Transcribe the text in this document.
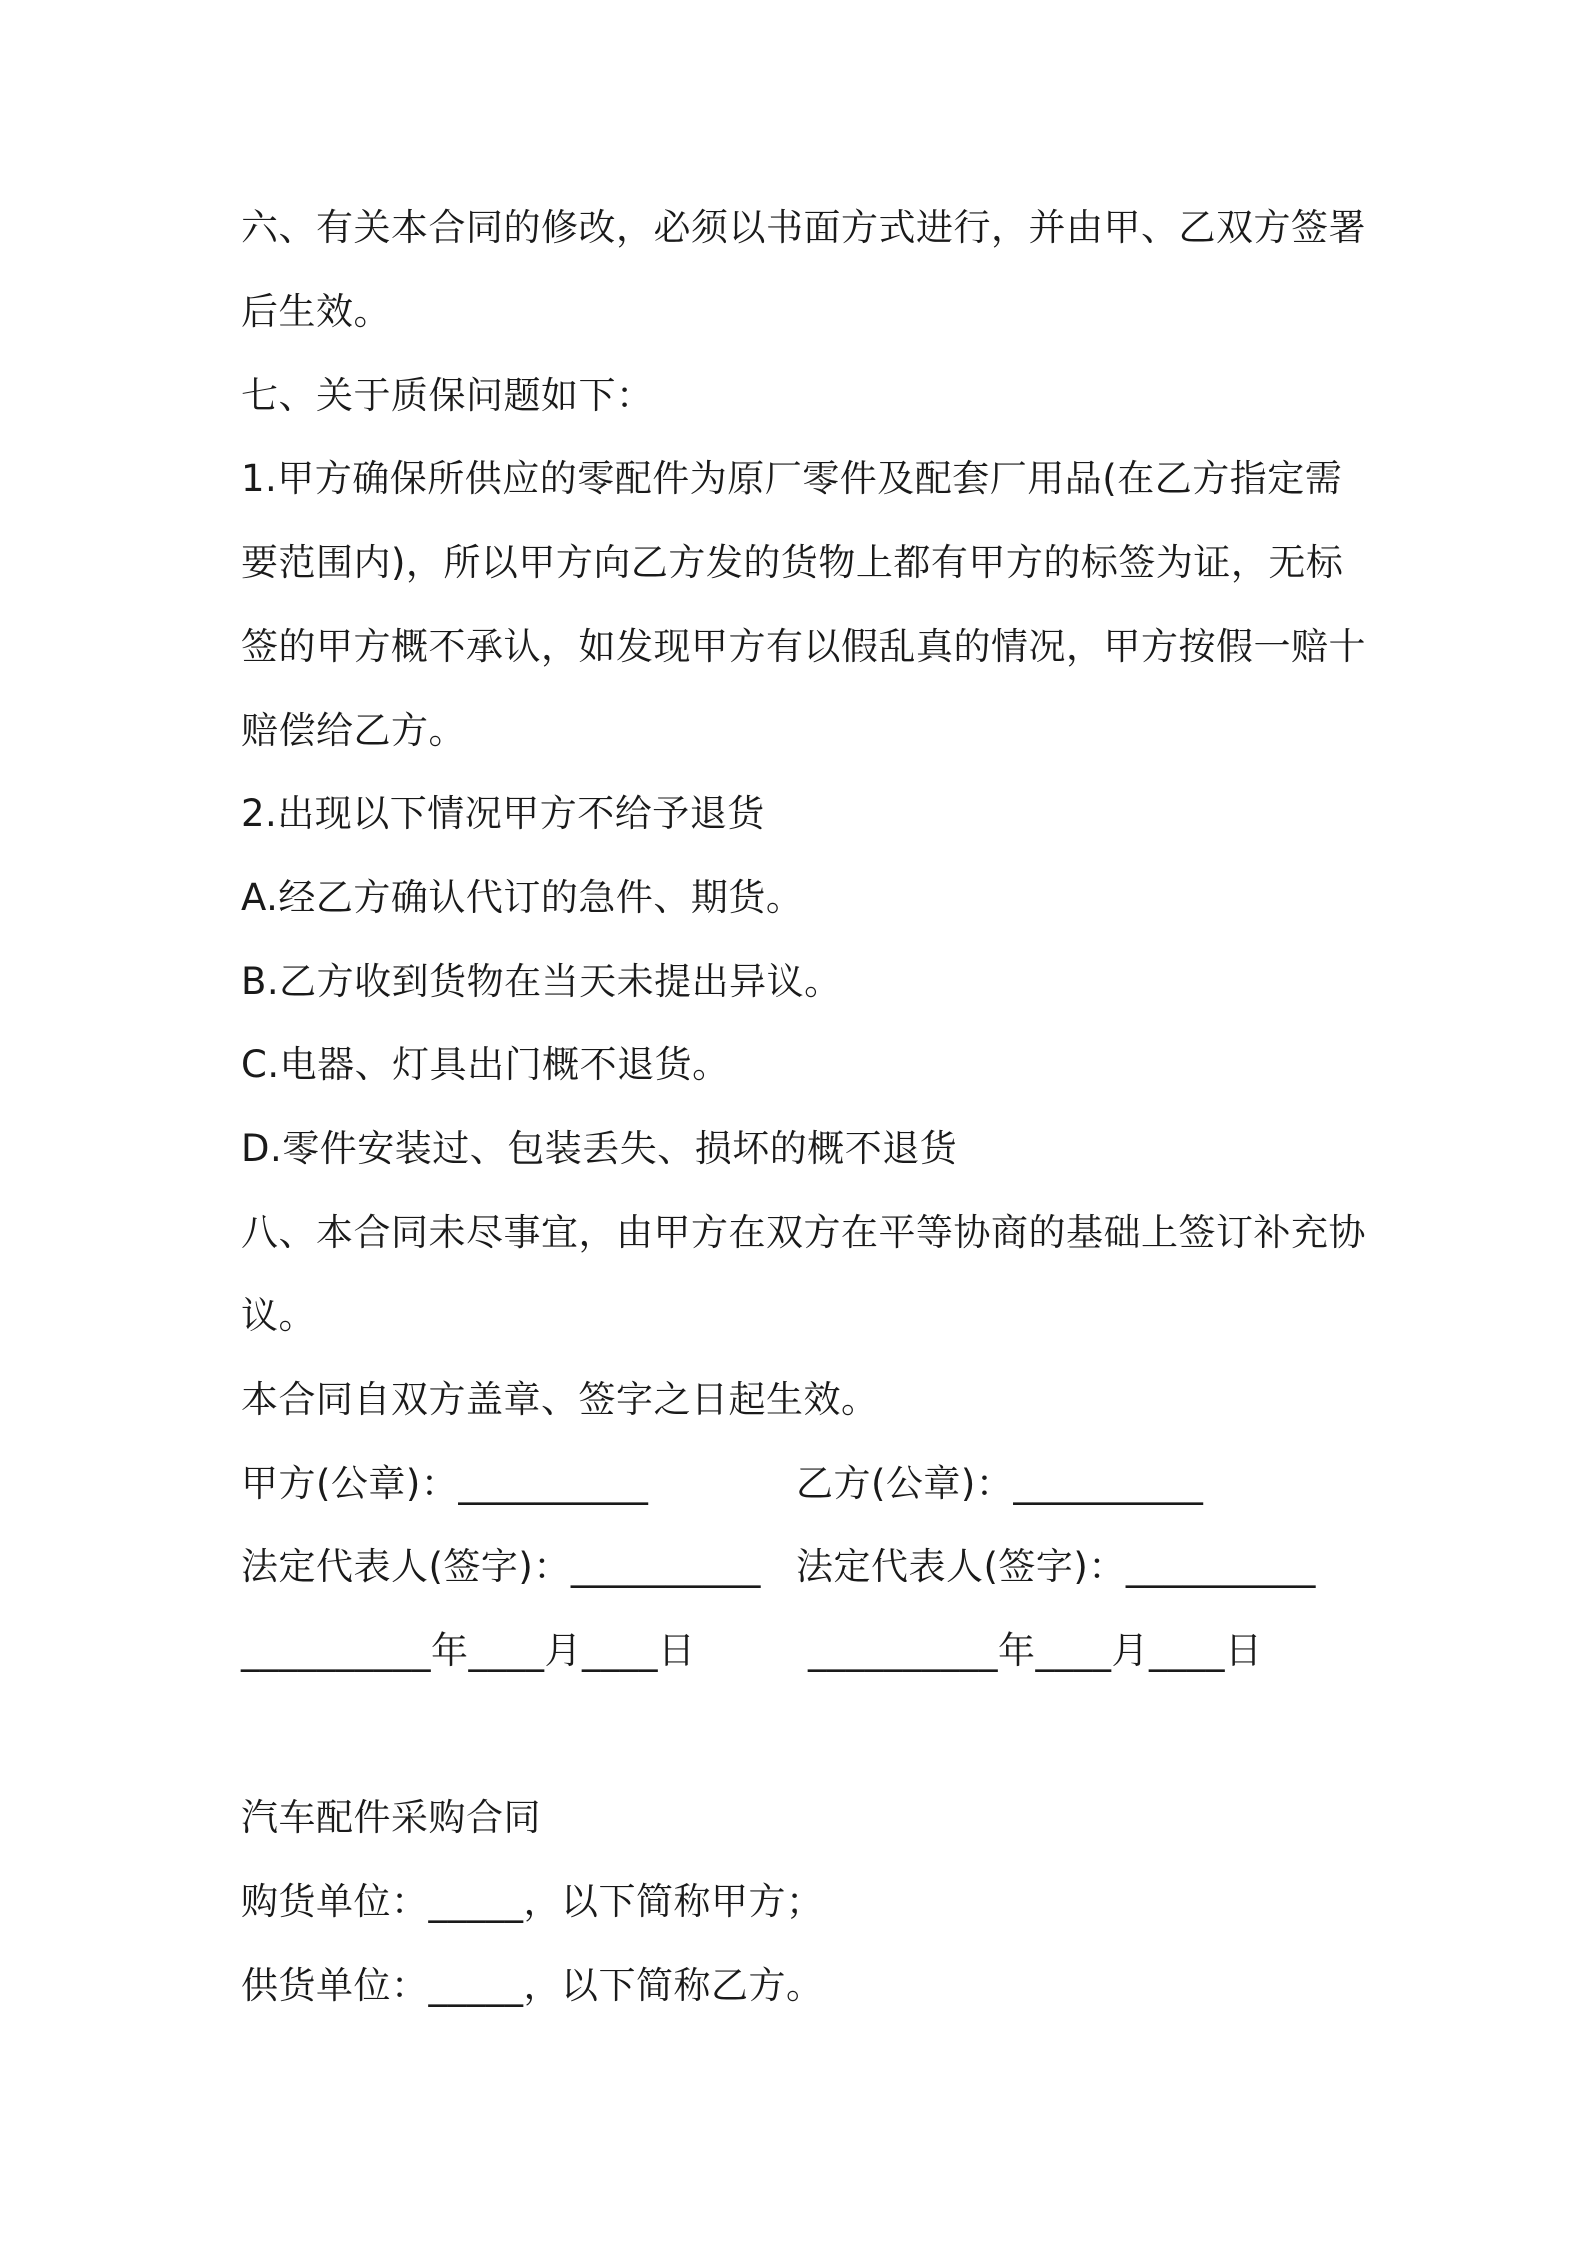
六、有关本合同的修改，必须以书面方式进行，并由甲、乙双方签署
后生效。
七、关于质保问题如下：
1.甲方确保所供应的零配件为原厂零件及配套厂用品(在乙方指定需
要范围内)，所以甲方向乙方发的货物上都有甲方的标签为证，无标
签的甲方概不承认，如发现甲方有以假乱真的情况，甲方按假一赔十
赔偿给乙方。
2.出现以下情况甲方不给予退货
A.经乙方确认代订的急件、期货。
B.乙方收到货物在当天未提出异议。
C.电器、灯具出门概不退货。
D.零件安装过、包装丢失、损坏的概不退货
八、本合同未尽事宜，由甲方在双方在平等协商的基础上签订补充协
议。
本合同自双方盖章、签字之日起生效。
甲方(公章)：__________	乙方(公章)：__________
法定代表人(签字)：__________ 法定代表人(签字)：__________
__________年____月____日	__________年____月____日
汽车配件采购合同
购货单位：_____，以下简称甲方；
供货单位：_____，以下简称乙方。
